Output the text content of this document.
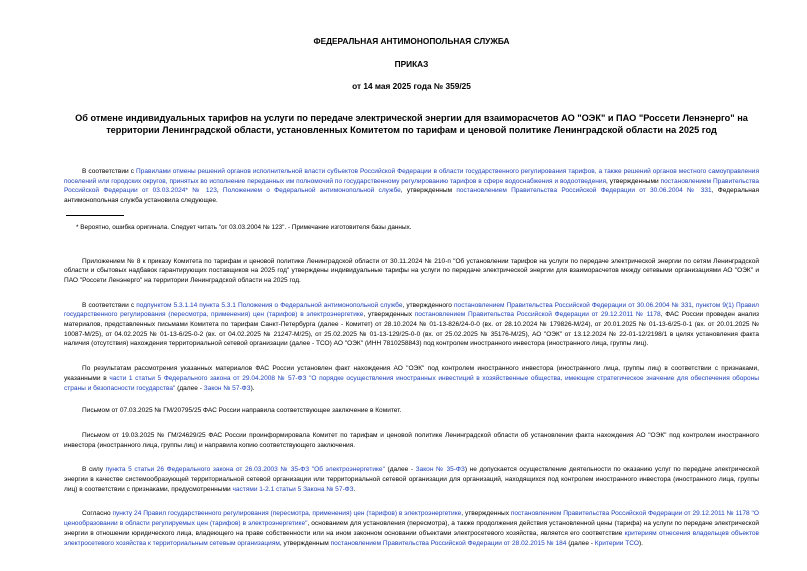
ФЕДЕРАЛЬНАЯ АНТИМОНОПОЛЬНАЯ СЛУЖБА
ПРИКАЗ
от 14 мая 2025 года № 359/25
Об отмене индивидуальных тарифов на услуги по передаче электрической энергии для взаиморасчетов АО "ОЭК" и ПАО "Россети Ленэнерго" на территории Ленинградской области, установленных Комитетом по тарифам и ценовой политике Ленинградской области на 2025 год

В соответствии с Правилами отмены решений органов исполнительной власти субъектов Российской Федерации в области государственного регулирования тарифов, а также решений органов местного самоуправления поселений или городских округов, принятых во исполнение переданных им полномочий по государственному регулированию тарифов в сфере водоснабжения и водоотведения, утвержденными постановлением Правительства Российской Федерации от 03.03.2024* № 123, Положением о Федеральной антимонопольной службе, утвержденным постановлением Правительства Российской Федерации от 30.06.2004 № 331, Федеральная антимонопольная служба установила следующее.

* Вероятно, ошибка оригинала. Следует читать "от 03.03.2004 № 123". - Примечание изготовителя базы данных.

Приложением № 8 к приказу Комитета по тарифам и ценовой политике Ленинградской области от 30.11.2024 № 210-п "Об установлении тарифов на услуги по передаче электрической энергии по сетям Ленинградской области и сбытовых надбавок гарантирующих поставщиков на 2025 год" утверждены индивидуальные тарифы на услуги по передаче электрической энергии для взаиморасчетов между сетевыми организациями АО "ОЭК" и ПАО "Россети Ленэнерго" на территории Ленинградской области на 2025 год.

В соответствии с подпунктом 5.3.1.14 пункта 5.3.1 Положения о Федеральной антимонопольной службе, утвержденного постановлением Правительства Российской Федерации от 30.06.2004 № 331, пунктом 9(1) Правил государственного регулирования (пересмотра, применения) цен (тарифов) в электроэнергетике, утвержденных постановлением Правительства Российской Федерации от 29.12.2011 № 1178, ФАС России проведен анализ материалов, представленных письмами Комитета по тарифам Санкт-Петербурга (далее - Комитет) от 28.10.2024 № 01-13-826/24-0-0 (вх. от 28.10.2024 № 179826-M/24), от 20.01.2025 № 01-13-6/25-0-1 (вх. от 20.01.2025 № 10087-M/25), от 04.02.2025 № 01-13-6/25-0-2 (вх. от 04.02.2025 № 21247-M/25), от 25.02.2025 № 01-13-129/25-0-0 (вх. от 25.02.2025 № 35176-M/25), АО "ОЭК" от 13.12.2024 № 22-01-12/2198/1 в целях установления факта наличия (отсутствия) нахождения территориальной сетевой организации (далее - ТСО) АО "ОЭК" (ИНН 7810258843) под контролем иностранного инвестора (иностранного лица, группы лиц).

По результатам рассмотрения указанных материалов ФАС России установлен факт нахождения АО "ОЭК" под контролем иностранного инвестора (иностранного лица, группы лиц) в соответствии с признаками, указанными в части 1 статьи 5 Федерального закона от 29.04.2008 № 57-ФЗ "О порядке осуществления иностранных инвестиций в хозяйственные общества, имеющие стратегическое значение для обеспечения обороны страны и безопасности государства" (далее - Закон № 57-ФЗ).

Письмом от 07.03.2025 № ГМ/20795/25 ФАС России направила соответствующее заключение в Комитет.

Письмом от 19.03.2025 № ГМ/24629/25 ФАС России проинформировала Комитет по тарифам и ценовой политике Ленинградской области об установлении факта нахождения АО "ОЭК" под контролем иностранного инвестора (иностранного лица, группы лиц) и направила копию соответствующего заключения.

В силу пункта 5 статьи 26 Федерального закона от 26.03.2003 № 35-ФЗ "Об электроэнергетике" (далее - Закон № 35-ФЗ) не допускается осуществление деятельности по оказанию услуг по передаче электрической энергии в качестве системообразующей территориальной сетевой организации или территориальной сетевой организации для организаций, находящихся под контролем иностранного инвестора (иностранного лица, группы лиц) в соответствии с признаками, предусмотренными частями 1-2.1 статьи 5 Закона № 57-ФЗ.

Согласно пункту 24 Правил государственного регулирования (пересмотра, применения) цен (тарифов) в электроэнергетике, утвержденных постановлением Правительства Российской Федерации от 29.12.2011 № 1178 "О ценообразовании в области регулируемых цен (тарифов) в электроэнергетике", основанием для установления (пересмотра), а также продолжения действия установленной цены (тарифа) на услуги по передаче электрической энергии в отношении юридического лица, владеющего на праве собственности или на ином законном основании объектами электросетевого хозяйства, является его соответствие критериям отнесения владельцев объектов электросетевого хозяйства к территориальным сетевым организациям, утвержденным постановлением Правительства Российской Федерации от 28.02.2015 № 184 (далее - Критерии ТСО).
